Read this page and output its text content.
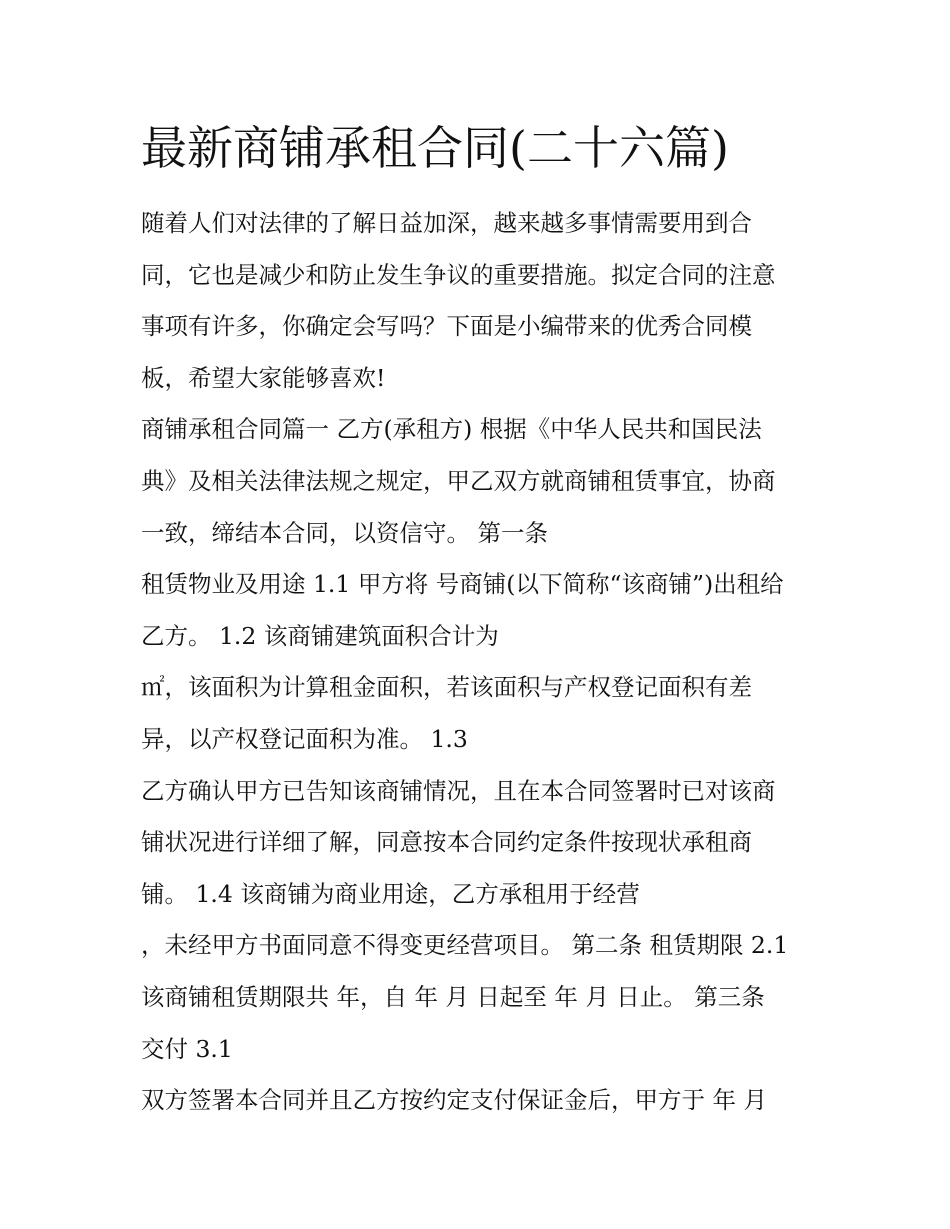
最新商铺承租合同(二十六篇)
随着人们对法律的了解日益加深，越来越多事情需要用到合
同，它也是减少和防止发生争议的重要措施。拟定合同的注意
事项有许多，你确定会写吗？下面是小编带来的优秀合同模
板，希望大家能够喜欢!
商铺承租合同篇一 乙方(承租方) 根据《中华人民共和国民法
典》及相关法律法规之规定，甲乙双方就商铺租赁事宜，协商
一致，缔结本合同，以资信守。 第一条
租赁物业及用途 1.1 甲方将 号商铺(以下简称“该商铺”)出租给
乙方。 1.2 该商铺建筑面积合计为
㎡，该面积为计算租金面积，若该面积与产权登记面积有差
异，以产权登记面积为准。 1.3
乙方确认甲方已告知该商铺情况，且在本合同签署时已对该商
铺状况进行详细了解，同意按本合同约定条件按现状承租商
铺。 1.4 该商铺为商业用途，乙方承租用于经营
，未经甲方书面同意不得变更经营项目。 第二条 租赁期限 2.1
该商铺租赁期限共 年，自 年 月 日起至 年 月 日止。 第三条
交付 3.1
双方签署本合同并且乙方按约定支付保证金后，甲方于 年 月
